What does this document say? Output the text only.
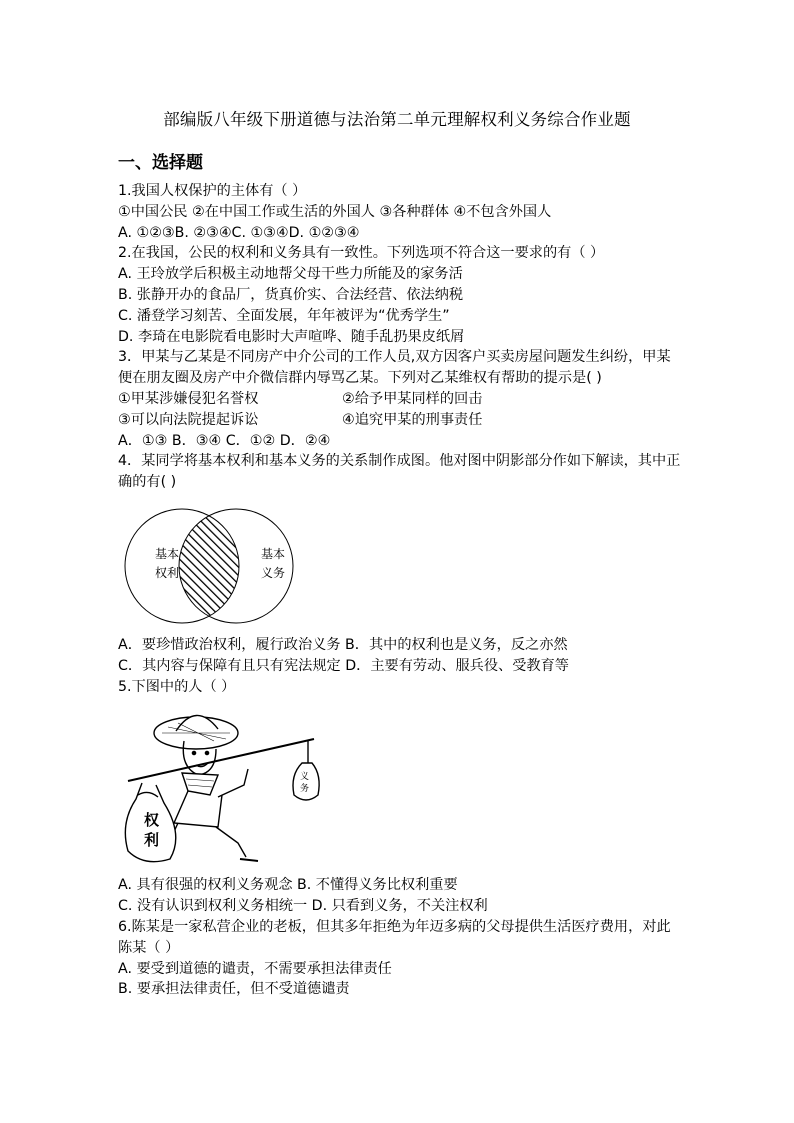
部编版八年级下册道德与法治第二单元理解权利义务综合作业题
一、选择题
1.我国人权保护的主体有（ ）
①中国公民 ②在中国工作或生活的外国人 ③各种群体 ④不包含外国人
A. ①②③B. ②③④C. ①③④D. ①②③④
2.在我国，公民的权利和义务具有一致性。下列选项不符合这一要求的有（ ）
A. 王玲放学后积极主动地帮父母干些力所能及的家务活
B. 张静开办的食品厂，货真价实、合法经营、依法纳税
C. 潘登学习刻苦、全面发展，年年被评为“优秀学生”
D. 李琦在电影院看电影时大声喧哗、随手乱扔果皮纸屑
3．甲某与乙某是不同房产中介公司的工作人员,双方因客户买卖房屋问题发生纠纷，甲某便在朋友圈及房产中介微信群内辱骂乙某。下列对乙某维权有帮助的提示是( )
①甲某涉嫌侵犯名誉权	②给予甲某同样的回击
③可以向法院提起诉讼	④追究甲某的刑事责任
A．①③ B．③④ C．①② D．②④
4．某同学将基本权利和基本义务的关系制作成图。他对图中阴影部分作如下解读，其中正确的有( )
基本
权利
基本
义务
A．要珍惜政治权利，履行政治义务 B．其中的权利也是义务，反之亦然
C．其内容与保障有且只有宪法规定 D．主要有劳动、服兵役、受教育等
5.下图中的人（ ）
权
利
义
务
A. 具有很强的权利义务观念 B. 不懂得义务比权利重要
C. 没有认识到权利义务相统一 D. 只看到义务，不关注权利
6.陈某是一家私营企业的老板，但其多年拒绝为年迈多病的父母提供生活医疗费用，对此陈某（ ）
A. 要受到道德的谴责，不需要承担法律责任
B. 要承担法律责任，但不受道德谴责
